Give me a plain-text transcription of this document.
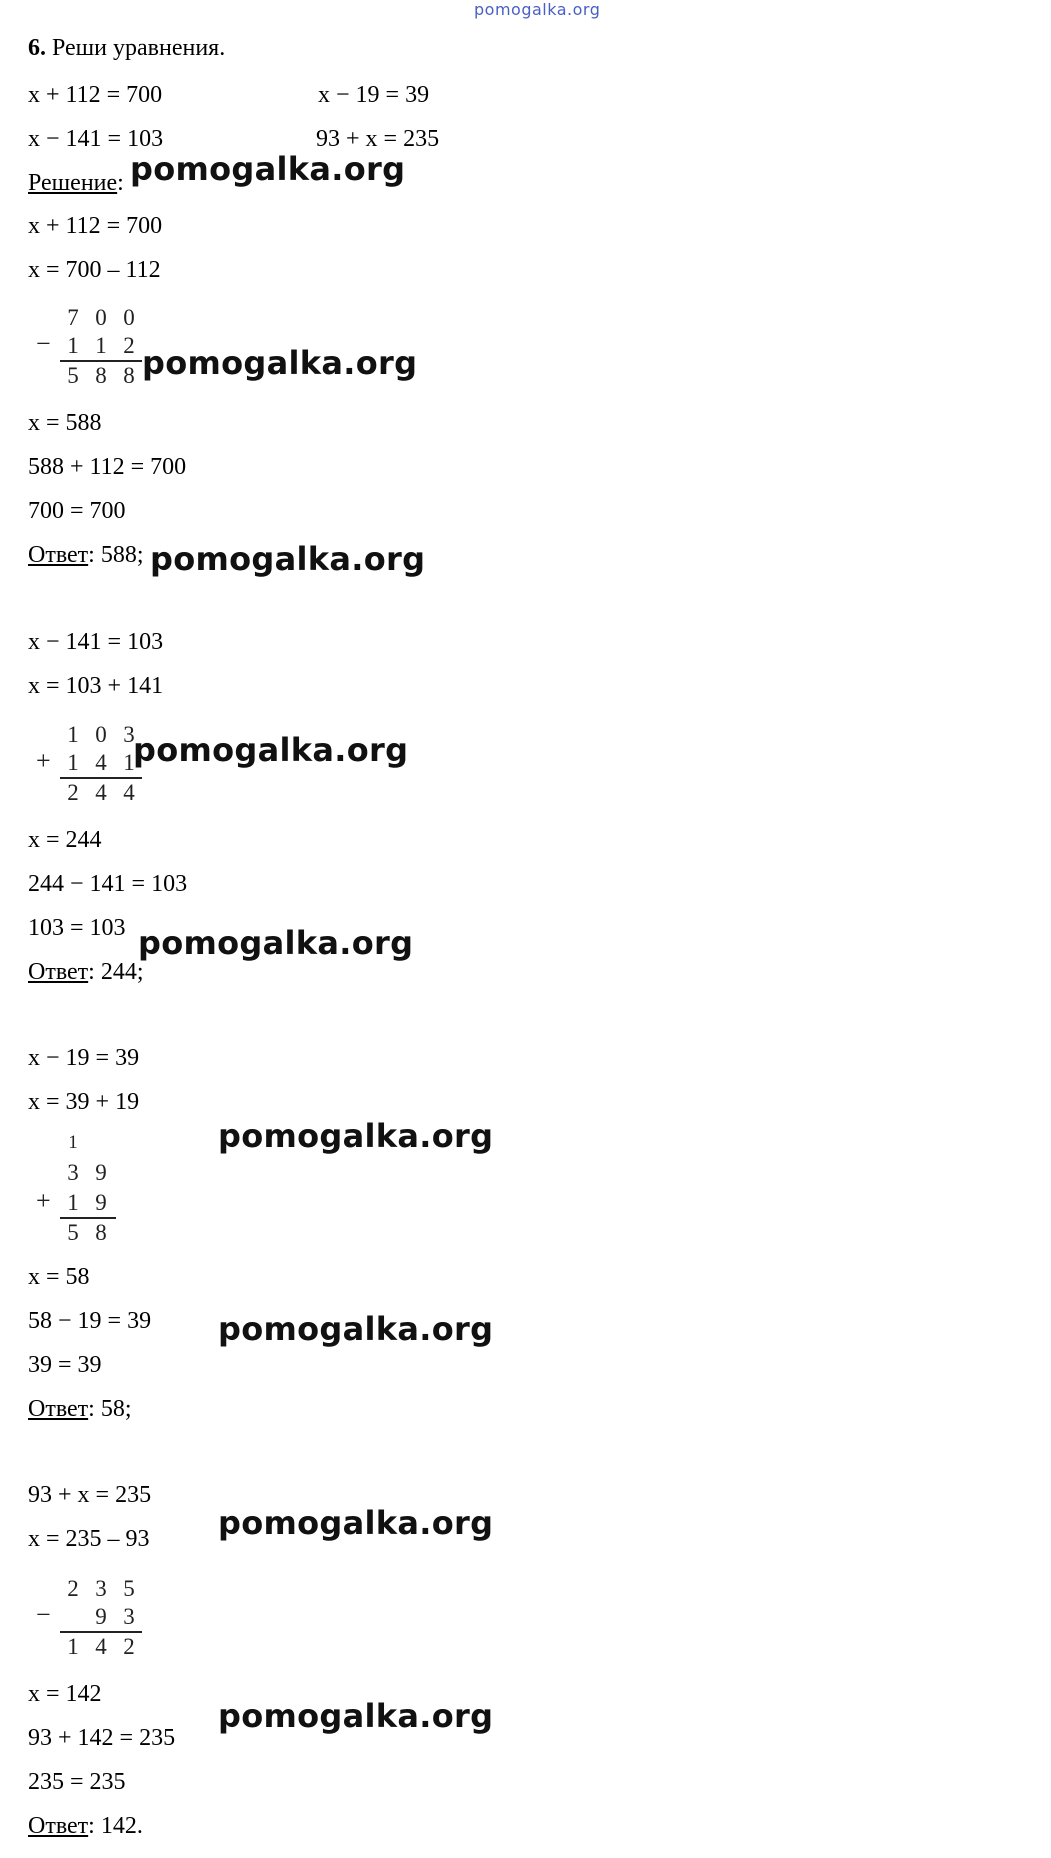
pomogalka.org
6. Реши уравнения.
x + 112 = 700	x − 19 = 39
x − 141 = 103	93 + x = 235
Решение:
x + 112 = 700
x = 700 – 112
−
7 0 0
1 1 2
5 8 8 pomogalka.org
x = 588
588 + 112 = 700
700 = 700
Ответ: 588; pomogalka.org
pomogalka.org
x − 141 = 103
x = 103 + 141
+
1 0 3
1 4 1
2 4 4
pomogalka.org
x = 244
244 − 141 = 103
103 = 103 pomogalka.org
Ответ: 244;
x − 19 = 39
x = 39 + 19
pomogalka.org
1
+
3 9
1 9
5 8
x = 58
58 − 19 = 39 pomogalka.org
39 = 39
Ответ: 58;
93 + x = 235
pomogalka.org
x = 235 – 93
−
2 3 5
9 3
1 4 2
x = 142
pomogalka.org
93 + 142 = 235
235 = 235
Ответ: 142.
